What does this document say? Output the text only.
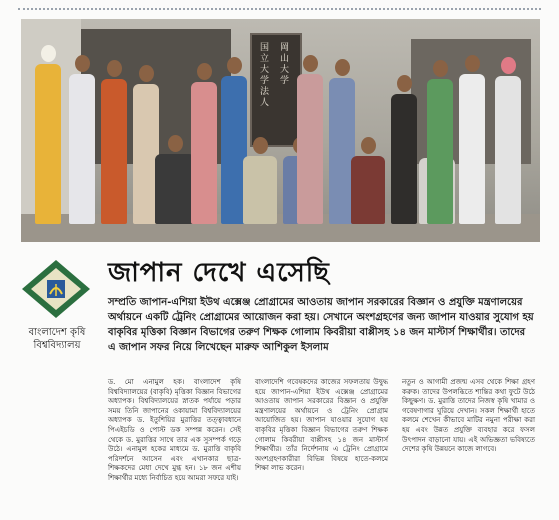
国立大学法人
岡山大学
বাংলাদেশ কৃষি
বিশ্ববিদ্যালয়
জাপান দেখে এসেছি

সম্প্রতি জাপান-এশিয়া ইউথ এক্সেঞ্জ প্রোগ্রামের আওতায় জাপান সরকারের বিজ্ঞান ও প্রযুক্তি মন্ত্রণালয়ের অর্থায়নে একটি ট্রেনিং প্রোগ্রামের আয়োজন করা হয়। সেখানে অংশগ্রহণের জন্য জাপান যাওয়ার সুযোগ হয় বাকৃবির মৃত্তিকা বিজ্ঞান বিভাগের তরুণ শিক্ষক গোলাম কিবরীয়া বাপ্পীসহ ১৪ জন মাস্টার্স শিক্ষার্থীর। তাদের এ জাপান সফর নিয়ে লিখেছেন মারুফ আশিকুল ইসলাম

ড. মো এনামুল হক। বাংলাদেশ কৃষি বিশ্ববিদ্যালয়ের (বাকৃবি) মৃত্তিকা বিজ্ঞান বিভাগের অধ্যাপক। বিশ্ববিদ্যালয়ের স্নাতক পর্যায়ে পড়ার সময় তিনি জাপানের ওকায়ামা বিশ্ববিদ্যালয়ের অধ্যাপক ড. ইতুশিয়ির মুরাত্তির তত্ত্বাবধানে পিএইচডি ও পোস্ট ডক সম্পন্ন করেন। সেই থেকে ড. মুরাত্তির সাথে তার এক সুসম্পর্ক গড়ে উঠে। এনামুল হকের মাধ্যমে ড. মুরাত্তি বাকৃবি পরিদর্শনে আসেন এবং এখানকার ছাত্র-শিক্ষকদের মেধা দেখে মুগ্ধ হন। ১৮ জন এশীয় শিক্ষার্থীর মধ্যে নির্বাচিত হয়ে আমরা সফরে যাই।

বাংলাদেশি গবেষকদের কাজের সফলতায় উদ্বুদ্ধ হয়ে জাপান-এশিয়া ইউথ এক্সেঞ্জ প্রোগ্রামের আওতায় জাপান সরকারের বিজ্ঞান ও প্রযুক্তি মন্ত্রণালয়ের অর্থায়নে ও ট্রেনিং প্রোগ্রাম আয়োজিত হয়। জাপান যাওয়ার সুযোগ হয় বাকৃবির মৃত্তিকা বিজ্ঞান বিভাগের তরুণ শিক্ষক গোলাম কিবরীয়া বাপ্পীসহ ১৪ জন মাস্টার্স শিক্ষার্থীর। তাঁর নির্দেশনায় এ ট্রেনিং প্রোগ্রামে অংশগ্রহণকারীরা বিভিন্ন বিষয়ে হাতে-কলমে শিক্ষা লাভ করেন।

নতুন ও আগামী প্রজন্ম এসব থেকে শিক্ষা গ্রহণ করুক। তাদের উপলব্ধিতে শান্তির কথা ফুটে উঠে কিছুক্ষণ। ড. মুরাত্তি তাদের নিজস্ব কৃষি খামার ও গবেষণাগার ঘুরিয়ে দেখান। সকল শিক্ষার্থী হাতে কলমে শেখেন কীভাবে মাটির নমুনা পরীক্ষা করা হয় এবং উন্নত প্রযুক্তি ব্যবহার করে ফসল উৎপাদন বাড়ানো যায়। এই অভিজ্ঞতা ভবিষ্যতে দেশের কৃষি উন্নয়নে কাজে লাগবে।
